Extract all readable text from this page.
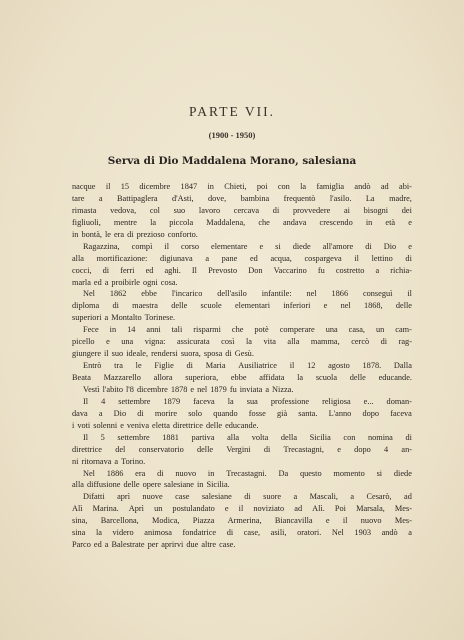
PARTE VII.
(1900 - 1950)
Serva di Dio Maddalena Morano, salesiana
nacque il 15 dicembre 1847 in Chieti, poi con la famiglia andò ad abi-
tare a Battipaglera d'Asti, dove, bambina frequentò l'asilo. La madre,
rimasta vedova, col suo lavoro cercava di provvedere ai bisogni dei
figliuoli, mentre la piccola Maddalena, che andava crescendo in età e
in bontà, le era di prezioso conforto.
Ragazzina, compì il corso elementare e si diede all'amore di Dio e
alla mortificazione: digiunava a pane ed acqua, cospargeva il lettino di
cocci, di ferri ed aghi. Il Prevosto Don Vaccarino fu costretto a richia-
marla ed a proibirle ogni cosa.
Nel 1862 ebbe l'incarico dell'asilo infantile: nel 1866 conseguì il
diploma di maestra delle scuole elementari inferiori e nel 1868, delle
superiori a Montalto Torinese.
Fece in 14 anni tali risparmi che potè comperare una casa, un cam-
picello e una vigna: assicurata così la vita alla mamma, cercò di rag-
giungere il suo ideale, rendersi suora, sposa di Gesù.
Entrò tra le Figlie di Maria Ausiliatrice il 12 agosto 1878. Dalla
Beata Mazzarello allora superiora, ebbe affidata la scuola delle educande.
Vestì l'abito l'8 dicembre 1878 e nel 1879 fu inviata a Nizza.
Il 4 settembre 1879 faceva la sua professione religiosa e... doman-
dava a Dio di morire solo quando fosse già santa. L'anno dopo faceva
i voti solenni e veniva eletta direttrice delle educande.
Il 5 settembre 1881 partiva alla volta della Sicilia con nomina di
direttrice del conservatorio delle Vergini di Trecastagni, e dopo 4 an-
ni ritornava a Torino.
Nel 1886 era di nuovo in Trecastagni. Da questo momento si diede
alla diffusione delle opere salesiane in Sicilia.
Difatti aprì nuove case salesiane di suore a Mascali, a Cesarò, ad
Alì Marina. Aprì un postulandato e il noviziato ad Alì. Poi Marsala, Mes-
sina, Barcellona, Modica, Piazza Armerina, Biancavilla e il nuovo Mes-
sina la videro animosa fondatrice di case, asili, oratori. Nel 1903 andò a
Parco ed a Balestrate per aprirvi due altre case.
